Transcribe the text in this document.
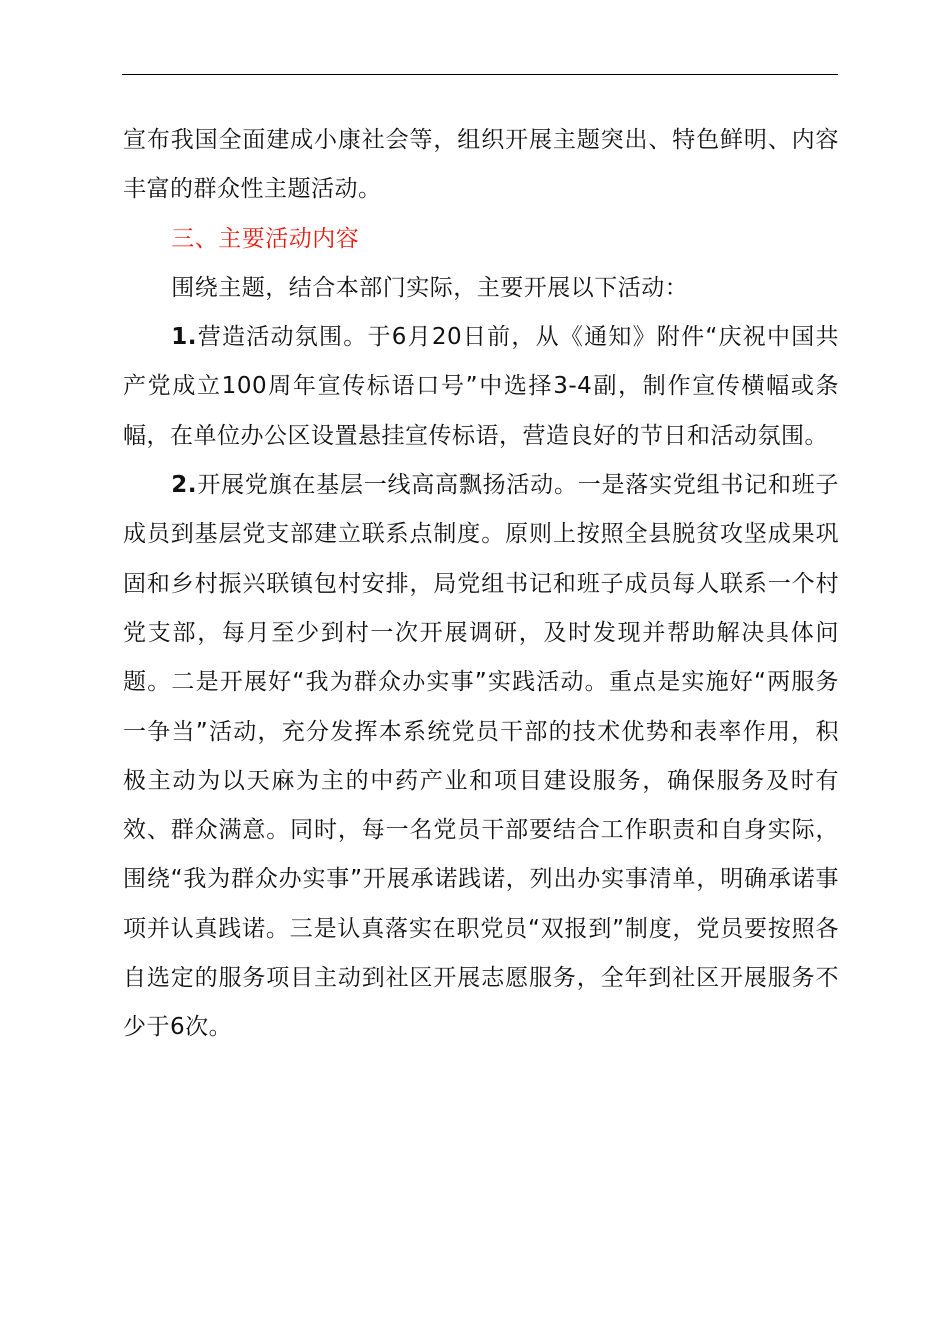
宣布我国全面建成小康社会等，组织开展主题突出、特色鲜明、内容丰富的群众性主题活动。

三、主要活动内容

围绕主题，结合本部门实际，主要开展以下活动：

1.营造活动氛围。于6月20日前，从《通知》附件“庆祝中国共产党成立100周年宣传标语口号”中选择3-4副，制作宣传横幅或条幅，在单位办公区设置悬挂宣传标语，营造良好的节日和活动氛围。

2.开展党旗在基层一线高高飘扬活动。一是落实党组书记和班子成员到基层党支部建立联系点制度。原则上按照全县脱贫攻坚成果巩固和乡村振兴联镇包村安排，局党组书记和班子成员每人联系一个村党支部，每月至少到村一次开展调研，及时发现并帮助解决具体问题。二是开展好“我为群众办实事”实践活动。重点是实施好“两服务一争当”活动，充分发挥本系统党员干部的技术优势和表率作用，积极主动为以天麻为主的中药产业和项目建设服务，确保服务及时有效、群众满意。同时，每一名党员干部要结合工作职责和自身实际，围绕“我为群众办实事”开展承诺践诺，列出办实事清单，明确承诺事项并认真践诺。三是认真落实在职党员“双报到”制度，党员要按照各自选定的服务项目主动到社区开展志愿服务，全年到社区开展服务不少于6次。
